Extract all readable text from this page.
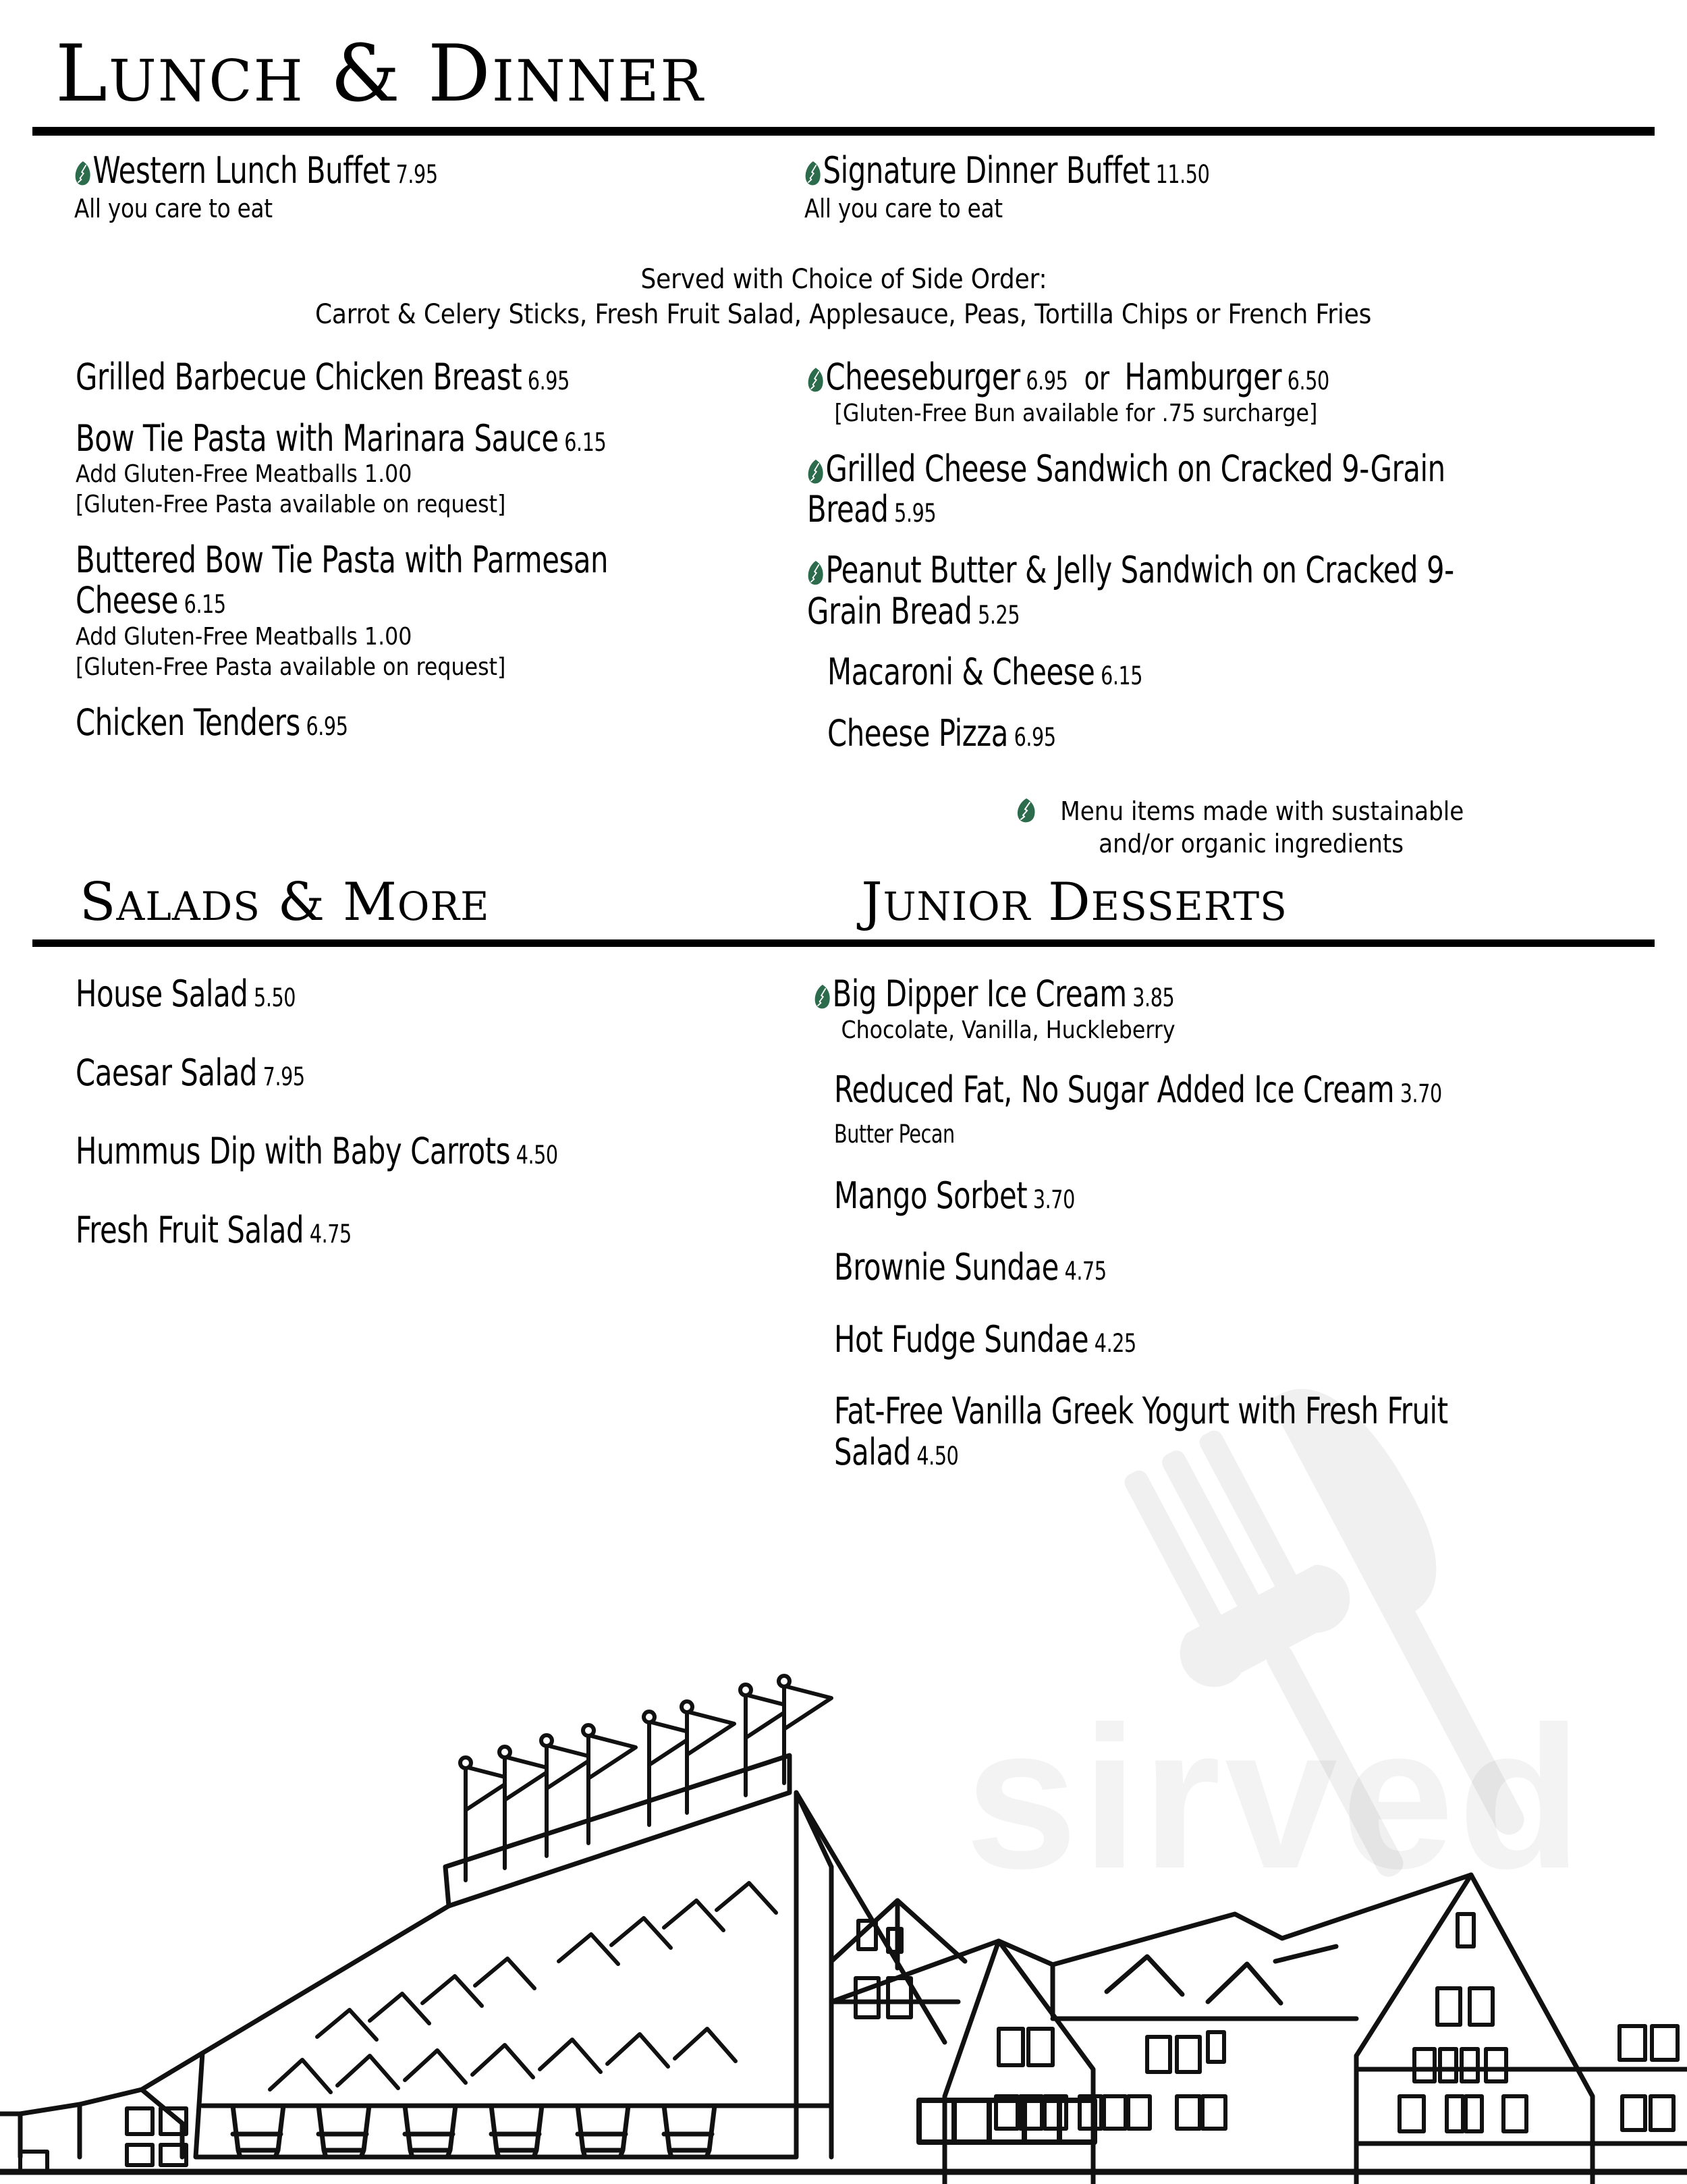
LUNCH & DINNER
Western Lunch Buffet 7.95
All you care to eat
Signature Dinner Buffet 11.50
All you care to eat
Served with Choice of Side Order:
Carrot & Celery Sticks, Fresh Fruit Salad, Applesauce, Peas, Tortilla Chips or French Fries
Grilled Barbecue Chicken Breast 6.95
Bow Tie Pasta with Marinara Sauce 6.15
Add Gluten-Free Meatballs 1.00
[Gluten-Free Pasta available on request]
Buttered Bow Tie Pasta with Parmesan Cheese 6.15
Add Gluten-Free Meatballs 1.00
[Gluten-Free Pasta available on request]
Chicken Tenders 6.95
Cheeseburger 6.95 or Hamburger 6.50
[Gluten-Free Bun available for .75 surcharge]
Grilled Cheese Sandwich on Cracked 9-Grain Bread 5.95
Peanut Butter & Jelly Sandwich on Cracked 9-Grain Bread 5.25
Macaroni & Cheese 6.15
Cheese Pizza 6.95
Menu items made with sustainable
and/or organic ingredients
SALADS & MORE	JUNIOR DESSERTS
House Salad 5.50
Caesar Salad 7.95
Hummus Dip with Baby Carrots 4.50
Fresh Fruit Salad 4.75
Big Dipper Ice Cream 3.85
Chocolate, Vanilla, Huckleberry
Reduced Fat, No Sugar Added Ice Cream 3.70  Butter Pecan
Mango Sorbet 3.70
Brownie Sundae 4.75
Hot Fudge Sundae 4.25
Fat-Free Vanilla Greek Yogurt with Fresh Fruit Salad 4.50
